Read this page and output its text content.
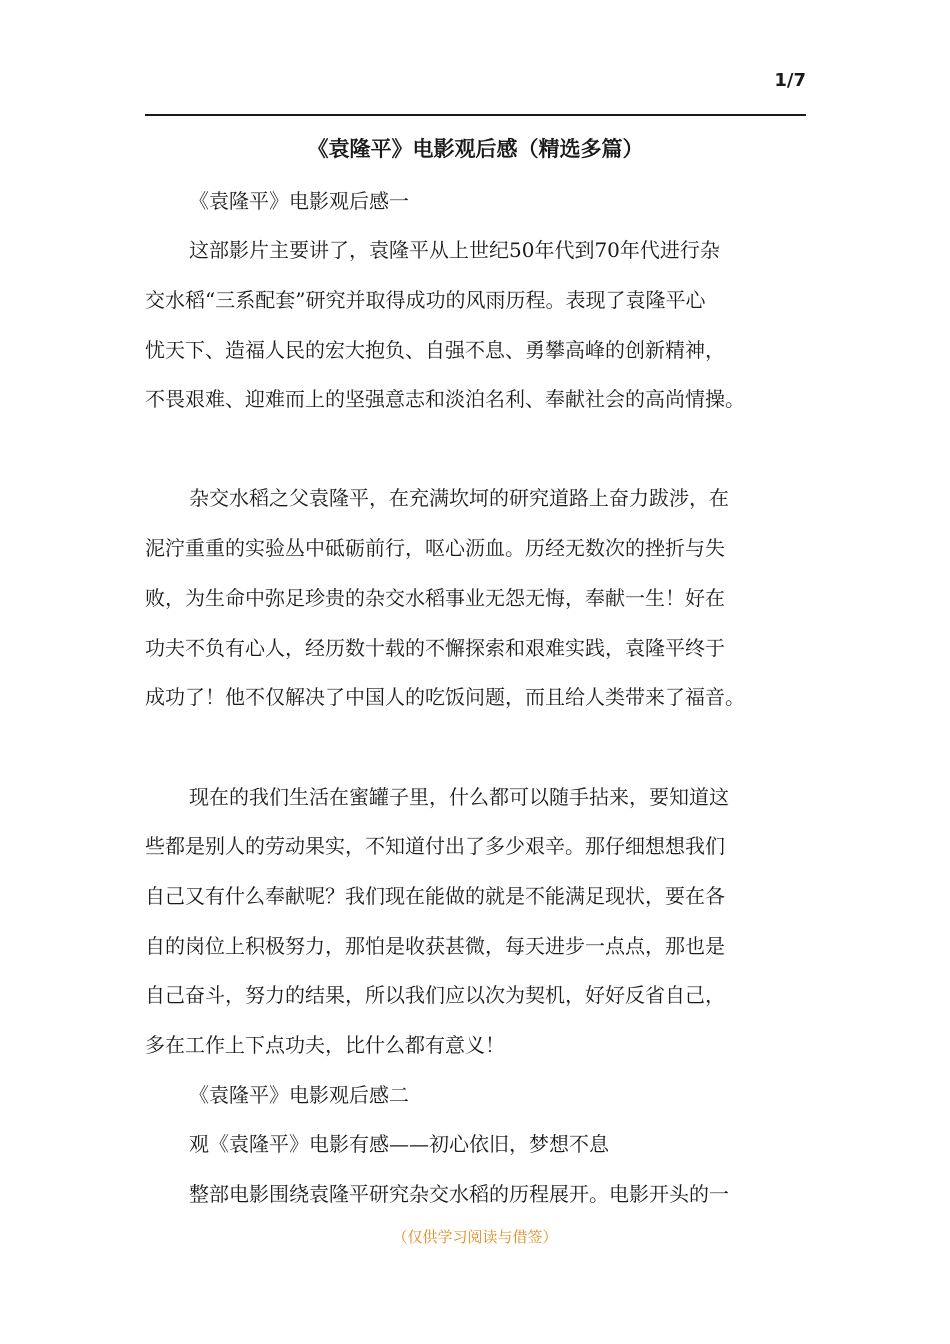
1/7
《袁隆平》电影观后感（精选多篇）
《袁隆平》电影观后感一
这部影片主要讲了，袁隆平从上世纪50年代到70年代进行杂
交水稻“三系配套”研究并取得成功的风雨历程。表现了袁隆平心
忧天下、造福人民的宏大抱负、自强不息、勇攀高峰的创新精神，
不畏艰难、迎难而上的坚强意志和淡泊名利、奉献社会的高尚情操。
杂交水稻之父袁隆平，在充满坎坷的研究道路上奋力跋涉，在
泥泞重重的实验丛中砥砺前行，呕心沥血。历经无数次的挫折与失
败，为生命中弥足珍贵的杂交水稻事业无怨无悔，奉献一生！好在
功夫不负有心人，经历数十载的不懈探索和艰难实践，袁隆平终于
成功了！他不仅解决了中国人的吃饭问题，而且给人类带来了福音。
现在的我们生活在蜜罐子里，什么都可以随手拈来，要知道这
些都是别人的劳动果实，不知道付出了多少艰辛。那仔细想想我们
自己又有什么奉献呢？我们现在能做的就是不能满足现状，要在各
自的岗位上积极努力，那怕是收获甚微，每天进步一点点，那也是
自己奋斗，努力的结果，所以我们应以次为契机，好好反省自己，
多在工作上下点功夫，比什么都有意义！
《袁隆平》电影观后感二
观《袁隆平》电影有感——初心依旧，梦想不息
整部电影围绕袁隆平研究杂交水稻的历程展开。电影开头的一
（仅供学习阅读与借签）
